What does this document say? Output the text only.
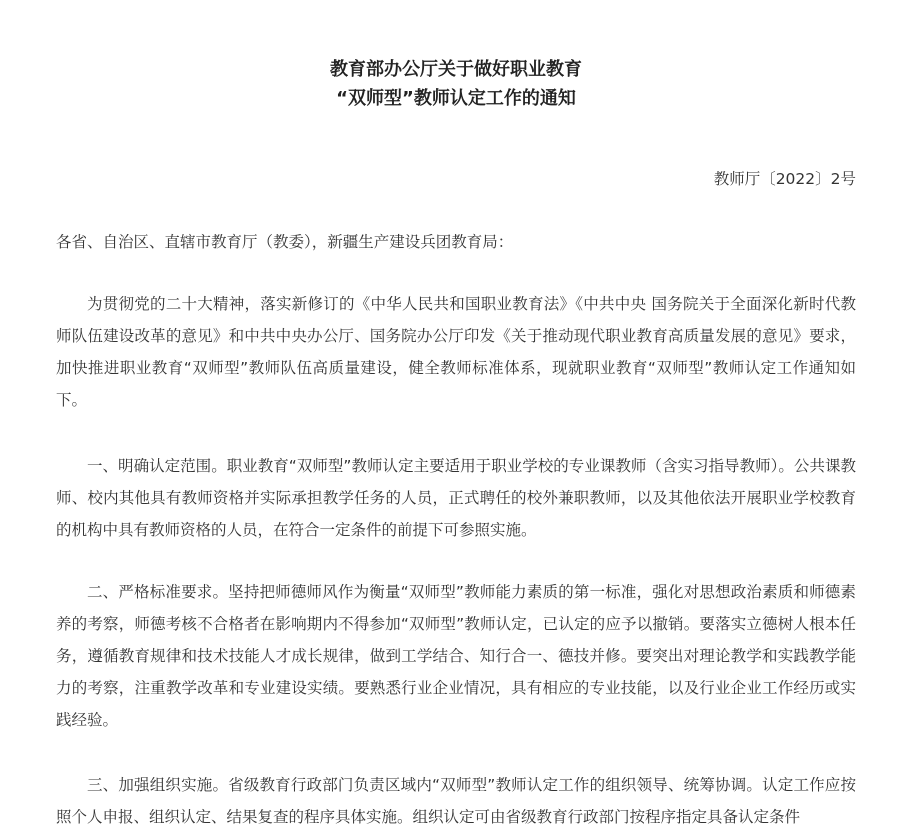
教育部办公厅关于做好职业教育

“双师型”教师认定工作的通知

教师厅〔2022〕2号
各省、自治区、直辖市教育厅（教委），新疆生产建设兵团教育局：

为贯彻党的二十大精神，落实新修订的《中华人民共和国职业教育法》《中共中央 国务院关于全面深化新时代教师队伍建设改革的意见》和中共中央办公厅、国务院办公厅印发《关于推动现代职业教育高质量发展的意见》要求，加快推进职业教育“双师型”教师队伍高质量建设，健全教师标准体系，现就职业教育“双师型”教师认定工作通知如下。

一、明确认定范围。职业教育“双师型”教师认定主要适用于职业学校的专业课教师（含实习指导教师）。公共课教师、校内其他具有教师资格并实际承担教学任务的人员，正式聘任的校外兼职教师，以及其他依法开展职业学校教育的机构中具有教师资格的人员，在符合一定条件的前提下可参照实施。

二、严格标准要求。坚持把师德师风作为衡量“双师型”教师能力素质的第一标准，强化对思想政治素质和师德素养的考察，师德考核不合格者在影响期内不得参加“双师型”教师认定，已认定的应予以撤销。要落实立德树人根本任务，遵循教育规律和技术技能人才成长规律，做到工学结合、知行合一、德技并修。要突出对理论教学和实践教学能力的考察，注重教学改革和专业建设实绩。要熟悉行业企业情况，具有相应的专业技能，以及行业企业工作经历或实践经验。

三、加强组织实施。省级教育行政部门负责区域内“双师型”教师认定工作的组织领导、统筹协调。认定工作应按照个人申报、组织认定、结果复查的程序具体实施。组织认定可由省级教育行政部门按程序指定具备认定条件
